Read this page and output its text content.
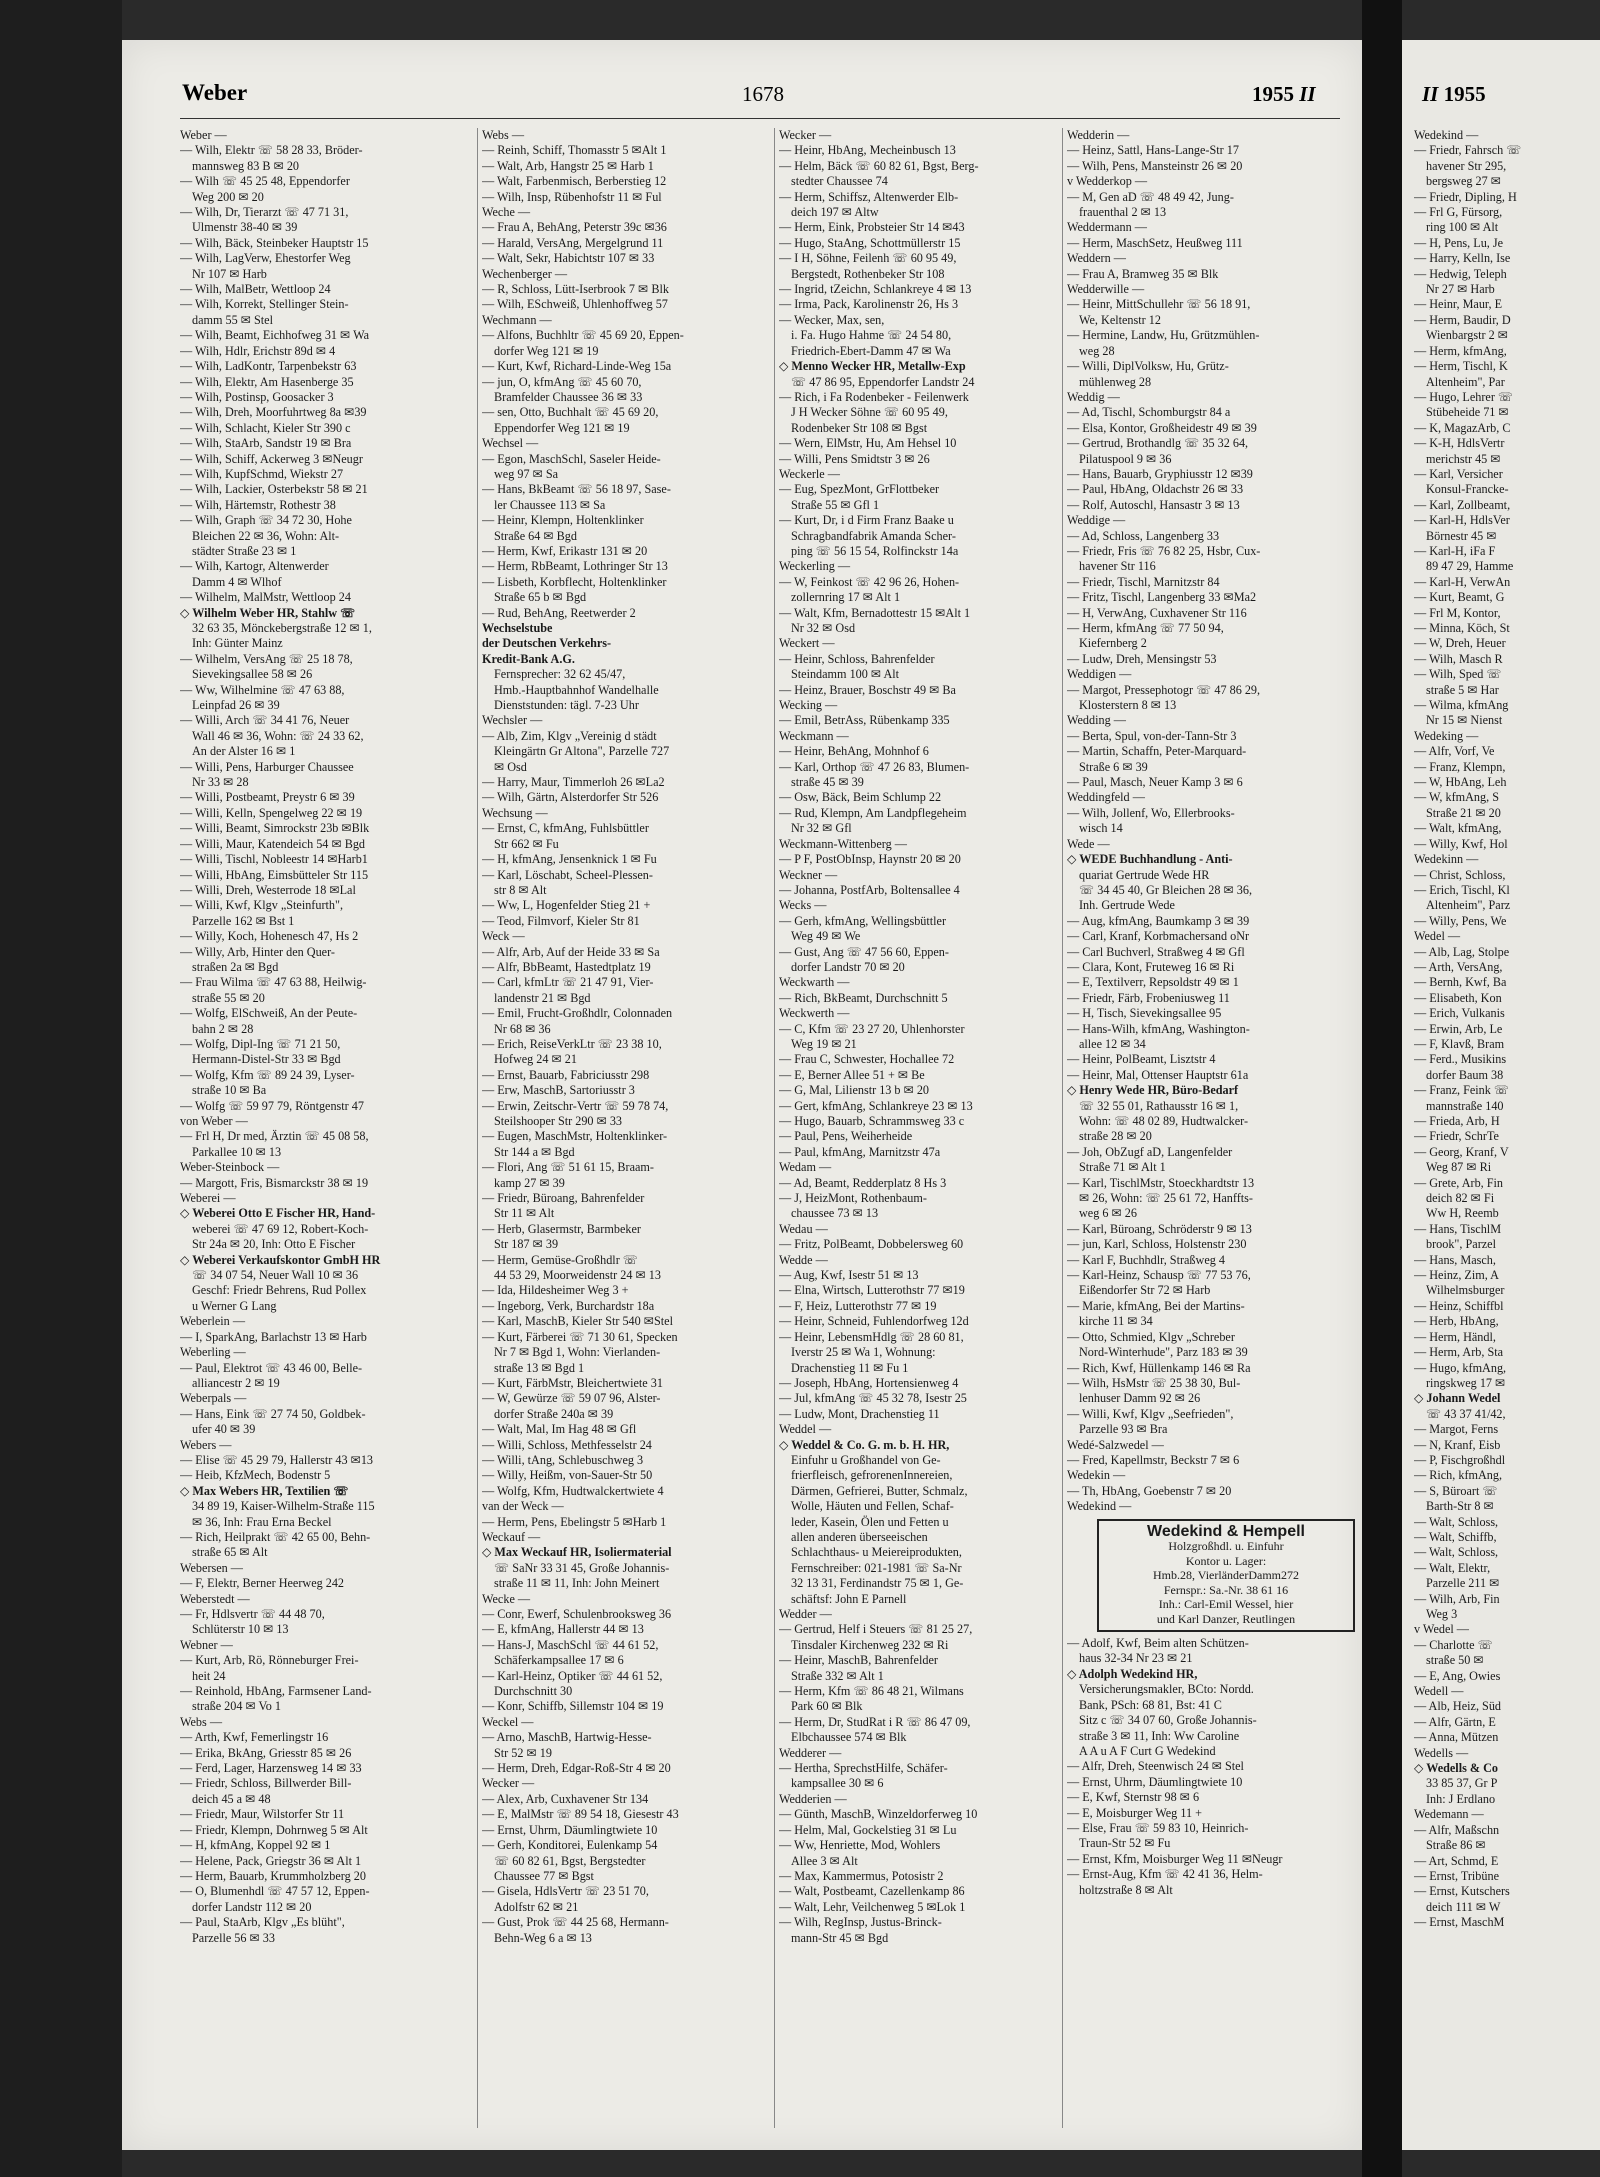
Weber	1678	1955 II
Weber —
— Wilh, Elektr ☏ 58 28 33, Bröder-
mannsweg 83 B ✉ 20
— Wilh ☏ 45 25 48, Eppendorfer
Weg 200 ✉ 20
— Wilh, Dr, Tierarzt ☏ 47 71 31,
Ulmenstr 38-40 ✉ 39
— Wilh, Bäck, Steinbeker Hauptstr 15
— Wilh, LagVerw, Ehestorfer Weg
Nr 107 ✉ Harb
— Wilh, MalBetr, Wettloop 24
— Wilh, Korrekt, Stellinger Stein-
damm 55 ✉ Stel
— Wilh, Beamt, Eichhofweg 31 ✉ Wa
— Wilh, Hdlr, Erichstr 89d ✉ 4
— Wilh, LadKontr, Tarpenbekstr 63
— Wilh, Elektr, Am Hasenberge 35
— Wilh, Postinsp, Goosacker 3
— Wilh, Dreh, Moorfuhrtweg 8a ✉39
— Wilh, Schlacht, Kieler Str 390 c
— Wilh, StaArb, Sandstr 19 ✉ Bra
— Wilh, Schiff, Ackerweg 3 ✉Neugr
— Wilh, KupfSchmd, Wiekstr 27
— Wilh, Lackier, Osterbekstr 58 ✉ 21
— Wilh, Härtemstr, Rothestr 38
— Wilh, Graph ☏ 34 72 30, Hohe
Bleichen 22 ✉ 36, Wohn: Alt-
städter Straße 23 ✉ 1
— Wilh, Kartogr, Altenwerder
Damm 4 ✉ Wlhof
— Wilhelm, MalMstr, Wettloop 24
◇ Wilhelm Weber HR, Stahlw ☏
32 63 35, Mönckebergstraße 12 ✉ 1,
Inh: Günter Mainz
— Wilhelm, VersAng ☏ 25 18 78,
Sievekingsallee 58 ✉ 26
— Ww, Wilhelmine ☏ 47 63 88,
Leinpfad 26 ✉ 39
— Willi, Arch ☏ 34 41 76, Neuer
Wall 46 ✉ 36, Wohn: ☏ 24 33 62,
An der Alster 16 ✉ 1
— Willi, Pens, Harburger Chaussee
Nr 33 ✉ 28
— Willi, Postbeamt, Preystr 6 ✉ 39
— Willi, Kelln, Spengelweg 22 ✉ 19
— Willi, Beamt, Simrockstr 23b ✉Blk
— Willi, Maur, Katendeich 54 ✉ Bgd
— Willi, Tischl, Nobleestr 14 ✉Harb1
— Willi, HbAng, Eimsbütteler Str 115
— Willi, Dreh, Westerrode 18 ✉Lal
— Willi, Kwf, Klgv „Steinfurth",
Parzelle 162 ✉ Bst 1
— Willy, Koch, Hohenesch 47, Hs 2
— Willy, Arb, Hinter den Quer-
straßen 2a ✉ Bgd
— Frau Wilma ☏ 47 63 88, Heilwig-
straße 55 ✉ 20
— Wolfg, ElSchweiß, An der Peute-
bahn 2 ✉ 28
— Wolfg, Dipl-Ing ☏ 71 21 50,
Hermann-Distel-Str 33 ✉ Bgd
— Wolfg, Kfm ☏ 89 24 39, Lyser-
straße 10 ✉ Ba
— Wolfg ☏ 59 97 79, Röntgenstr 47
von Weber —
— Frl H, Dr med, Ärztin ☏ 45 08 58,
Parkallee 10 ✉ 13
Weber-Steinbock —
— Margott, Fris, Bismarckstr 38 ✉ 19
Weberei —
◇ Weberei Otto E Fischer HR, Hand-
weberei ☏ 47 69 12, Robert-Koch-
Str 24a ✉ 20, Inh: Otto E Fischer
◇ Weberei Verkaufskontor GmbH HR
☏ 34 07 54, Neuer Wall 10 ✉ 36
Geschf: Friedr Behrens, Rud Pollex
u Werner G Lang
Weberlein —
— I, SparkAng, Barlachstr 13 ✉ Harb
Weberling —
— Paul, Elektrot ☏ 43 46 00, Belle-
alliancestr 2 ✉ 19
Weberpals —
— Hans, Eink ☏ 27 74 50, Goldbek-
ufer 40 ✉ 39
Webers —
— Elise ☏ 45 29 79, Hallerstr 43 ✉13
— Heib, KfzMech, Bodenstr 5
◇ Max Webers HR, Textilien ☏
34 89 19, Kaiser-Wilhelm-Straße 115
✉ 36, Inh: Frau Erna Beckel
— Rich, Heilprakt ☏ 42 65 00, Behn-
straße 65 ✉ Alt
Webersen —
— F, Elektr, Berner Heerweg 242
Weberstedt —
— Fr, Hdlsvertr ☏ 44 48 70,
Schlüterstr 10 ✉ 13
Webner —
— Kurt, Arb, Rö, Rönneburger Frei-
heit 24
— Reinhold, HbAng, Farmsener Land-
straße 204 ✉ Vo 1
Webs —
— Arth, Kwf, Femerlingstr 16
— Erika, BkAng, Griesstr 85 ✉ 26
— Ferd, Lager, Harzensweg 14 ✉ 33
— Friedr, Schloss, Billwerder Bill-
deich 45 a ✉ 48
— Friedr, Maur, Wilstorfer Str 11
— Friedr, Klempn, Dohrnweg 5 ✉ Alt
— H, kfmAng, Koppel 92 ✉ 1
— Helene, Pack, Griegstr 36 ✉ Alt 1
— Herm, Bauarb, Krummholzberg 20
— O, Blumenhdl ☏ 47 57 12, Eppen-
dorfer Landstr 112 ✉ 20
— Paul, StaArb, Klgv „Es blüht",
Parzelle 56 ✉ 33
Webs —
— Reinh, Schiff, Thomasstr 5 ✉Alt 1
— Walt, Arb, Hangstr 25 ✉ Harb 1
— Walt, Farbenmisch, Berberstieg 12
— Wilh, Insp, Rübenhofstr 11 ✉ Ful
Weche —
— Frau A, BehAng, Peterstr 39c ✉36
— Harald, VersAng, Mergelgrund 11
— Walt, Sekr, Habichtstr 107 ✉ 33
Wechenberger —
— R, Schloss, Lütt-Iserbrook 7 ✉ Blk
— Wilh, ESchweiß, Uhlenhoffweg 57
Wechmann —
— Alfons, Buchhltr ☏ 45 69 20, Eppen-
dorfer Weg 121 ✉ 19
— Kurt, Kwf, Richard-Linde-Weg 15a
— jun, O, kfmAng ☏ 45 60 70,
Bramfelder Chaussee 36 ✉ 33
— sen, Otto, Buchhalt ☏ 45 69 20,
Eppendorfer Weg 121 ✉ 19
Wechsel —
— Egon, MaschSchl, Saseler Heide-
weg 97 ✉ Sa
— Hans, BkBeamt ☏ 56 18 97, Sase-
ler Chaussee 113 ✉ Sa
— Heinr, Klempn, Holtenklinker
Straße 64 ✉ Bgd
— Herm, Kwf, Erikastr 131 ✉ 20
— Herm, RbBeamt, Lothringer Str 13
— Lisbeth, Korbflecht, Holtenklinker
Straße 65 b ✉ Bgd
— Rud, BehAng, Reetwerder 2
Wechselstube
der Deutschen Verkehrs-
Kredit-Bank A.G.
Fernsprecher: 32 62 45/47,
Hmb.-Hauptbahnhof Wandelhalle
Dienststunden: tägl. 7-23 Uhr
Wechsler —
— Alb, Zim, Klgv „Vereinig d städt
Kleingärtn Gr Altona", Parzelle 727
✉ Osd
— Harry, Maur, Timmerloh 26 ✉La2
— Wilh, Gärtn, Alsterdorfer Str 526
Wechsung —
— Ernst, C, kfmAng, Fuhlsbüttler
Str 662 ✉ Fu
— H, kfmAng, Jensenknick 1 ✉ Fu
— Karl, Löschabt, Scheel-Plessen-
str 8 ✉ Alt
— Ww, L, Hogenfelder Stieg 21 +
— Teod, Filmvorf, Kieler Str 81
Weck —
— Alfr, Arb, Auf der Heide 33 ✉ Sa
— Alfr, BbBeamt, Hastedtplatz 19
— Carl, kfmLtr ☏ 21 47 91, Vier-
landenstr 21 ✉ Bgd
— Emil, Frucht-Großhdlr, Colonnaden
Nr 68 ✉ 36
— Erich, ReiseVerkLtr ☏ 23 38 10,
Hofweg 24 ✉ 21
— Ernst, Bauarb, Fabriciusstr 298
— Erw, MaschB, Sartoriusstr 3
— Erwin, Zeitschr-Vertr ☏ 59 78 74,
Steilshooper Str 290 ✉ 33
— Eugen, MaschMstr, Holtenklinker-
Str 144 a ✉ Bgd
— Flori, Ang ☏ 51 61 15, Braam-
kamp 27 ✉ 39
— Friedr, Büroang, Bahrenfelder
Str 11 ✉ Alt
— Herb, Glasermstr, Barmbeker
Str 187 ✉ 39
— Herm, Gemüse-Großhdlr ☏
44 53 29, Moorweidenstr 24 ✉ 13
— Ida, Hildesheimer Weg 3 +
— Ingeborg, Verk, Burchardstr 18a
— Karl, MaschB, Kieler Str 540 ✉Stel
— Kurt, Färberei ☏ 71 30 61, Specken
Nr 7 ✉ Bgd 1, Wohn: Vierlanden-
straße 13 ✉ Bgd 1
— Kurt, FärbMstr, Bleichertwiete 31
— W, Gewürze ☏ 59 07 96, Alster-
dorfer Straße 240a ✉ 39
— Walt, Mal, Im Hag 48 ✉ Gfl
— Willi, Schloss, Methfesselstr 24
— Willi, tAng, Schlebuschweg 3
— Willy, Heißm, von-Sauer-Str 50
— Wolfg, Kfm, Hudtwalckertwiete 4
van der Weck —
— Herm, Pens, Ebelingstr 5 ✉Harb 1
Weckauf —
◇ Max Weckauf HR, Isoliermaterial
☏ SaNr 33 31 45, Große Johannis-
straße 11 ✉ 11, Inh: John Meinert
Wecke —
— Conr, Ewerf, Schulenbrooksweg 36
— E, kfmAng, Hallerstr 44 ✉ 13
— Hans-J, MaschSchl ☏ 44 61 52,
Schäferkampsallee 17 ✉ 6
— Karl-Heinz, Optiker ☏ 44 61 52,
Durchschnitt 30
— Konr, Schiffb, Sillemstr 104 ✉ 19
Weckel —
— Arno, MaschB, Hartwig-Hesse-
Str 52 ✉ 19
— Herm, Dreh, Edgar-Roß-Str 4 ✉ 20
Wecker —
— Alex, Arb, Cuxhavener Str 134
— E, MalMstr ☏ 89 54 18, Giesestr 43
— Ernst, Uhrm, Däumlingtwiete 10
— Gerh, Konditorei, Eulenkamp 54
☏ 60 82 61, Bgst, Bergstedter
Chaussee 77 ✉ Bgst
— Gisela, HdlsVertr ☏ 23 51 70,
Adolfstr 62 ✉ 21
— Gust, Prok ☏ 44 25 68, Hermann-
Behn-Weg 6 a ✉ 13
Wecker —
— Heinr, HbAng, Mecheinbusch 13
— Helm, Bäck ☏ 60 82 61, Bgst, Berg-
stedter Chaussee 74
— Herm, Schiffsz, Altenwerder Elb-
deich 197 ✉ Altw
— Herm, Eink, Probsteier Str 14 ✉43
— Hugo, StaAng, Schottmüllerstr 15
— I H, Söhne, Feilenh ☏ 60 95 49,
Bergstedt, Rothenbeker Str 108
— Ingrid, tZeichn, Schlankreye 4 ✉ 13
— Irma, Pack, Karolinenstr 26, Hs 3
— Wecker, Max, sen,
i. Fa. Hugo Hahme ☏ 24 54 80,
Friedrich-Ebert-Damm 47 ✉ Wa
◇ Menno Wecker HR, Metallw-Exp
☏ 47 86 95, Eppendorfer Landstr 24
— Rich, i Fa Rodenbeker - Feilenwerk
J H Wecker Söhne ☏ 60 95 49,
Rodenbeker Str 108 ✉ Bgst
— Wern, ElMstr, Hu, Am Hehsel 10
— Willi, Pens Smidtstr 3 ✉ 26
Weckerle —
— Eug, SpezMont, GrFlottbeker
Straße 55 ✉ Gfl 1
— Kurt, Dr, i d Firm Franz Baake u
Schragbandfabrik Amanda Scher-
ping ☏ 56 15 54, Rolfinckstr 14a
Weckerling —
— W, Feinkost ☏ 42 96 26, Hohen-
zollernring 17 ✉ Alt 1
— Walt, Kfm, Bernadottestr 15 ✉Alt 1
Nr 32 ✉ Osd
Weckert —
— Heinr, Schloss, Bahrenfelder
Steindamm 100 ✉ Alt
— Heinz, Brauer, Boschstr 49 ✉ Ba
Wecking —
— Emil, BetrAss, Rübenkamp 335
Weckmann —
— Heinr, BehAng, Mohnhof 6
— Karl, Orthop ☏ 47 26 83, Blumen-
straße 45 ✉ 39
— Osw, Bäck, Beim Schlump 22
— Rud, Klempn, Am Landpflegeheim
Nr 32 ✉ Gfl
Weckmann-Wittenberg —
— P F, PostObInsp, Haynstr 20 ✉ 20
Weckner —
— Johanna, PostfArb, Boltensallee 4
Wecks —
— Gerh, kfmAng, Wellingsbüttler
Weg 49 ✉ We
— Gust, Ang ☏ 47 56 60, Eppen-
dorfer Landstr 70 ✉ 20
Weckwarth —
— Rich, BkBeamt, Durchschnitt 5
Weckwerth —
— C, Kfm ☏ 23 27 20, Uhlenhorster
Weg 19 ✉ 21
— Frau C, Schwester, Hochallee 72
— E, Berner Allee 51 + ✉ Be
— G, Mal, Lilienstr 13 b ✉ 20
— Gert, kfmAng, Schlankreye 23 ✉ 13
— Hugo, Bauarb, Schrammsweg 33 c
— Paul, Pens, Weiherheide
— Paul, kfmAng, Marnitzstr 47a
Wedam —
— Ad, Beamt, Redderplatz 8 Hs 3
— J, HeizMont, Rothenbaum-
chaussee 73 ✉ 13
Wedau —
— Fritz, PolBeamt, Dobbelersweg 60
Wedde —
— Aug, Kwf, Isestr 51 ✉ 13
— Elna, Wirtsch, Lutterothstr 77 ✉19
— F, Heiz, Lutterothstr 77 ✉ 19
— Heinr, Schneid, Fuhlendorfweg 12d
— Heinr, LebensmHdlg ☏ 28 60 81,
Iverstr 25 ✉ Wa 1, Wohnung:
Drachenstieg 11 ✉ Fu 1
— Joseph, HbAng, Hortensienweg 4
— Jul, kfmAng ☏ 45 32 78, Isestr 25
— Ludw, Mont, Drachenstieg 11
Weddel —
◇ Weddel & Co. G. m. b. H. HR,
Einfuhr u Großhandel von Ge-
frierfleisch, gefrorenenInnereien,
Därmen, Gefrierei, Butter, Schmalz,
Wolle, Häuten und Fellen, Schaf-
leder, Kasein, Ölen und Fetten u
allen anderen überseeischen
Schlachthaus- u Meiereiprodukten,
Fernschreiber: 021-1981 ☏ Sa-Nr
32 13 31, Ferdinandstr 75 ✉ 1, Ge-
schäftsf: John E Parnell
Wedder —
— Gertrud, Helf i Steuers ☏ 81 25 27,
Tinsdaler Kirchenweg 232 ✉ Ri
— Heinr, MaschB, Bahrenfelder
Straße 332 ✉ Alt 1
— Herm, Kfm ☏ 86 48 21, Wilmans
Park 60 ✉ Blk
— Herm, Dr, StudRat i R ☏ 86 47 09,
Elbchaussee 574 ✉ Blk
Wedderer —
— Hertha, SprechstHilfe, Schäfer-
kampsallee 30 ✉ 6
Wedderien —
— Günth, MaschB, Winzeldorferweg 10
— Helm, Mal, Gockelstieg 31 ✉ Lu
— Ww, Henriette, Mod, Wohlers
Allee 3 ✉ Alt
— Max, Kammermus, Potosistr 2
— Walt, Postbeamt, Cazellenkamp 86
— Walt, Lehr, Veilchenweg 5 ✉Lok 1
— Wilh, RegInsp, Justus-Brinck-
mann-Str 45 ✉ Bgd
Wedderin —
— Heinz, Sattl, Hans-Lange-Str 17
— Wilh, Pens, Mansteinstr 26 ✉ 20
v Wedderkop —
— M, Gen aD ☏ 48 49 42, Jung-
frauenthal 2 ✉ 13
Weddermann —
— Herm, MaschSetz, Heußweg 111
Weddern —
— Frau A, Bramweg 35 ✉ Blk
Wedderwille —
— Heinr, MittSchullehr ☏ 56 18 91,
We, Keltenstr 12
— Hermine, Landw, Hu, Grützmühlen-
weg 28
— Willi, DiplVolksw, Hu, Grütz-
mühlenweg 28
Weddig —
— Ad, Tischl, Schomburgstr 84 a
— Elsa, Kontor, Großheidestr 49 ✉ 39
— Gertrud, Brothandlg ☏ 35 32 64,
Pilatuspool 9 ✉ 36
— Hans, Bauarb, Gryphiusstr 12 ✉39
— Paul, HbAng, Oldachstr 26 ✉ 33
— Rolf, Autoschl, Hansastr 3 ✉ 13
Weddige —
— Ad, Schloss, Langenberg 33
— Friedr, Fris ☏ 76 82 25, Hsbr, Cux-
havener Str 116
— Friedr, Tischl, Marnitzstr 84
— Fritz, Tischl, Langenberg 33 ✉Ma2
— H, VerwAng, Cuxhavener Str 116
— Herm, kfmAng ☏ 77 50 94,
Kiefernberg 2
— Ludw, Dreh, Mensingstr 53
Weddigen —
— Margot, Pressephotogr ☏ 47 86 29,
Klosterstern 8 ✉ 13
Wedding —
— Berta, Spul, von-der-Tann-Str 3
— Martin, Schaffn, Peter-Marquard-
Straße 6 ✉ 39
— Paul, Masch, Neuer Kamp 3 ✉ 6
Weddingfeld —
— Wilh, Jollenf, Wo, Ellerbrooks-
wisch 14
Wede —
◇ WEDE Buchhandlung - Anti-
quariat Gertrude Wede HR
☏ 34 45 40, Gr Bleichen 28 ✉ 36,
Inh. Gertrude Wede
— Aug, kfmAng, Baumkamp 3 ✉ 39
— Carl, Kranf, Korbmachersand oNr
— Carl Buchverl, Straßweg 4 ✉ Gfl
— Clara, Kont, Fruteweg 16 ✉ Ri
— E, Textilverr, Repsoldstr 49 ✉ 1
— Friedr, Färb, Frobeniusweg 11
— H, Tisch, Sievekingsallee 95
— Hans-Wilh, kfmAng, Washington-
allee 12 ✉ 34
— Heinr, PolBeamt, Lisztstr 4
— Heinr, Mal, Ottenser Hauptstr 61a
◇ Henry Wede HR, Büro-Bedarf
☏ 32 55 01, Rathausstr 16 ✉ 1,
Wohn: ☏ 48 02 89, Hudtwalcker-
straße 28 ✉ 20
— Joh, ObZugf aD, Langenfelder
Straße 71 ✉ Alt 1
— Karl, TischlMstr, Stoeckhardtstr 13
✉ 26, Wohn: ☏ 25 61 72, Hanffts-
weg 6 ✉ 26
— Karl, Büroang, Schröderstr 9 ✉ 13
— jun, Karl, Schloss, Holstenstr 230
— Karl F, Buchhdlr, Straßweg 4
— Karl-Heinz, Schausp ☏ 77 53 76,
Eißendorfer Str 72 ✉ Harb
— Marie, kfmAng, Bei der Martins-
kirche 11 ✉ 34
— Otto, Schmied, Klgv „Schreber
Nord-Winterhude", Parz 183 ✉ 39
— Rich, Kwf, Hüllenkamp 146 ✉ Ra
— Wilh, HsMstr ☏ 25 38 30, Bul-
lenhuser Damm 92 ✉ 26
— Willi, Kwf, Klgv „Seefrieden",
Parzelle 93 ✉ Bra
Wedé-Salzwedel —
— Fred, Kapellmstr, Beckstr 7 ✉ 6
Wedekin —
— Th, HbAng, Goebenstr 7 ✉ 20
Wedekind —
Wedekind & Hempell
Holzgroßhdl. u. Einfuhr
Kontor u. Lager:
Hmb.28, VierländerDamm272
Fernspr.: Sa.-Nr. 38 61 16
Inh.: Carl-Emil Wessel, hier
und Karl Danzer, Reutlingen
— Adolf, Kwf, Beim alten Schützen-
haus 32-34 Nr 23 ✉ 21
◇ Adolph Wedekind HR,
Versicherungsmakler, BCto: Nordd.
Bank, PSch: 68 81, Bst: 41 C
Sitz c ☏ 34 07 60, Große Johannis-
straße 3 ✉ 11, Inh: Ww Caroline
A A u A F Curt G Wedekind
— Alfr, Dreh, Steenwisch 24 ✉ Stel
— Ernst, Uhrm, Däumlingtwiete 10
— E, Kwf, Sternstr 98 ✉ 6
— E, Moisburger Weg 11 +
— Else, Frau ☏ 59 83 10, Heinrich-
Traun-Str 52 ✉ Fu
— Ernst, Kfm, Moisburger Weg 11 ✉Neugr
— Ernst-Aug, Kfm ☏ 42 41 36, Helm-
holtzstraße 8 ✉ Alt
II 1955
Wedekind —
— Friedr, Fahrsch ☏
havener Str 295,
bergsweg 27 ✉
— Friedr, Dipling, H
— Frl G, Fürsorg,
ring 100 ✉ Alt
— H, Pens, Lu, Je
— Harry, Kelln, Ise
— Hedwig, Teleph
Nr 27 ✉ Harb
— Heinr, Maur, E
— Herm, Baudir, D
Wienbargstr 2 ✉
— Herm, kfmAng,
— Herm, Tischl, K
Altenheim", Par
— Hugo, Lehrer ☏
Stübeheide 71 ✉
— K, MagazArb, C
— K-H, HdlsVertr
merichstr 45 ✉
— Karl, Versicher
Konsul-Francke-
— Karl, Zollbeamt,
— Karl-H, HdlsVer
Börnestr 45 ✉
— Karl-H, iFa F
89 47 29, Hamme
— Karl-H, VerwAn
— Kurt, Beamt, G
— Frl M, Kontor,
— Minna, Köch, St
— W, Dreh, Heuer
— Wilh, Masch R
— Wilh, Sped ☏
straße 5 ✉ Har
— Wilma, kfmAng
Nr 15 ✉ Nienst
Wedeking —
— Alfr, Vorf, Ve
— Franz, Klempn,
— W, HbAng, Leh
— W, kfmAng, S
Straße 21 ✉ 20
— Walt, kfmAng,
— Willy, Kwf, Hol
Wedekinn —
— Christ, Schloss,
— Erich, Tischl, Kl
Altenheim", Parz
— Willy, Pens, We
Wedel —
— Alb, Lag, Stolpe
— Arth, VersAng,
— Bernh, Kwf, Ba
— Elisabeth, Kon
— Erich, Vulkanis
— Erwin, Arb, Le
— F, Klavß, Bram
— Ferd., Musikins
dorfer Baum 38
— Franz, Feink ☏
mannstraße 140
— Frieda, Arb, H
— Friedr, SchrTe
— Georg, Kranf, V
Weg 87 ✉ Ri
— Grete, Arb, Fin
deich 82 ✉ Fi
Ww H, Reemb
— Hans, TischlM
brook", Parzel
— Hans, Masch,
— Heinz, Zim, A
Wilhelmsburger
— Heinz, Schiffbl
— Herb, HbAng,
— Herm, Händl,
— Herm, Arb, Sta
— Hugo, kfmAng,
ringskweg 17 ✉
◇ Johann Wedel
☏ 43 37 41/42,
— Margot, Ferns
— N, Kranf, Eisb
— P, Fischgroßhdl
— Rich, kfmAng,
— S, Büroart ☏
Barth-Str 8 ✉
— Walt, Schloss,
— Walt, Schiffb,
— Walt, Schloss,
— Walt, Elektr,
Parzelle 211 ✉
— Wilh, Arb, Fin
Weg 3
v Wedel —
— Charlotte ☏
straße 50 ✉
— E, Ang, Owies
Wedell —
— Alb, Heiz, Süd
— Alfr, Gärtn, E
— Anna, Mützen
Wedells —
◇ Wedells & Co
33 85 37, Gr P
Inh: J Erdlano
Wedemann —
— Alfr, Maßschn
Straße 86 ✉
— Art, Schmd, E
— Ernst, Tribüne
— Ernst, Kutschers
deich 111 ✉ W
— Ernst, MaschM
